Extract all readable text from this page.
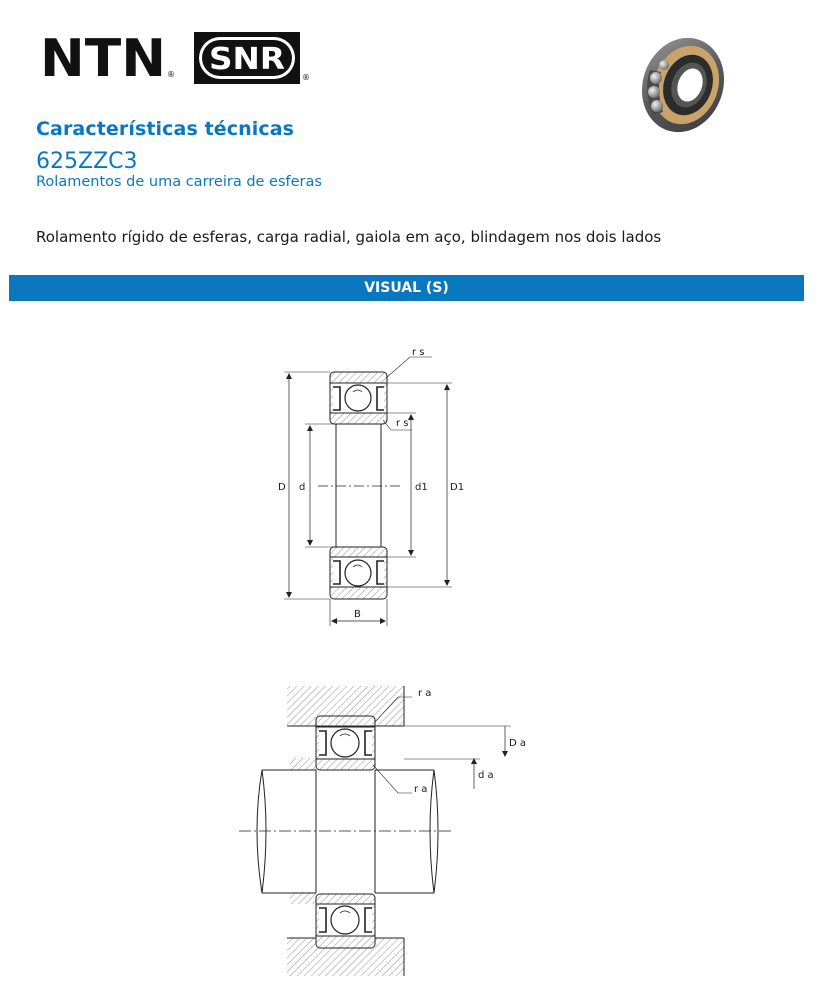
NTN ® SNR
®
Características técnicas
625ZZC3
Rolamentos de uma carreira de esferas

Rolamento rígido de esferas, carga radial, gaiola em aço, blindagem nos dois lados

VISUAL (S)
D d	d1 D1
B
r s
r s
r a
r a
D a
d a
